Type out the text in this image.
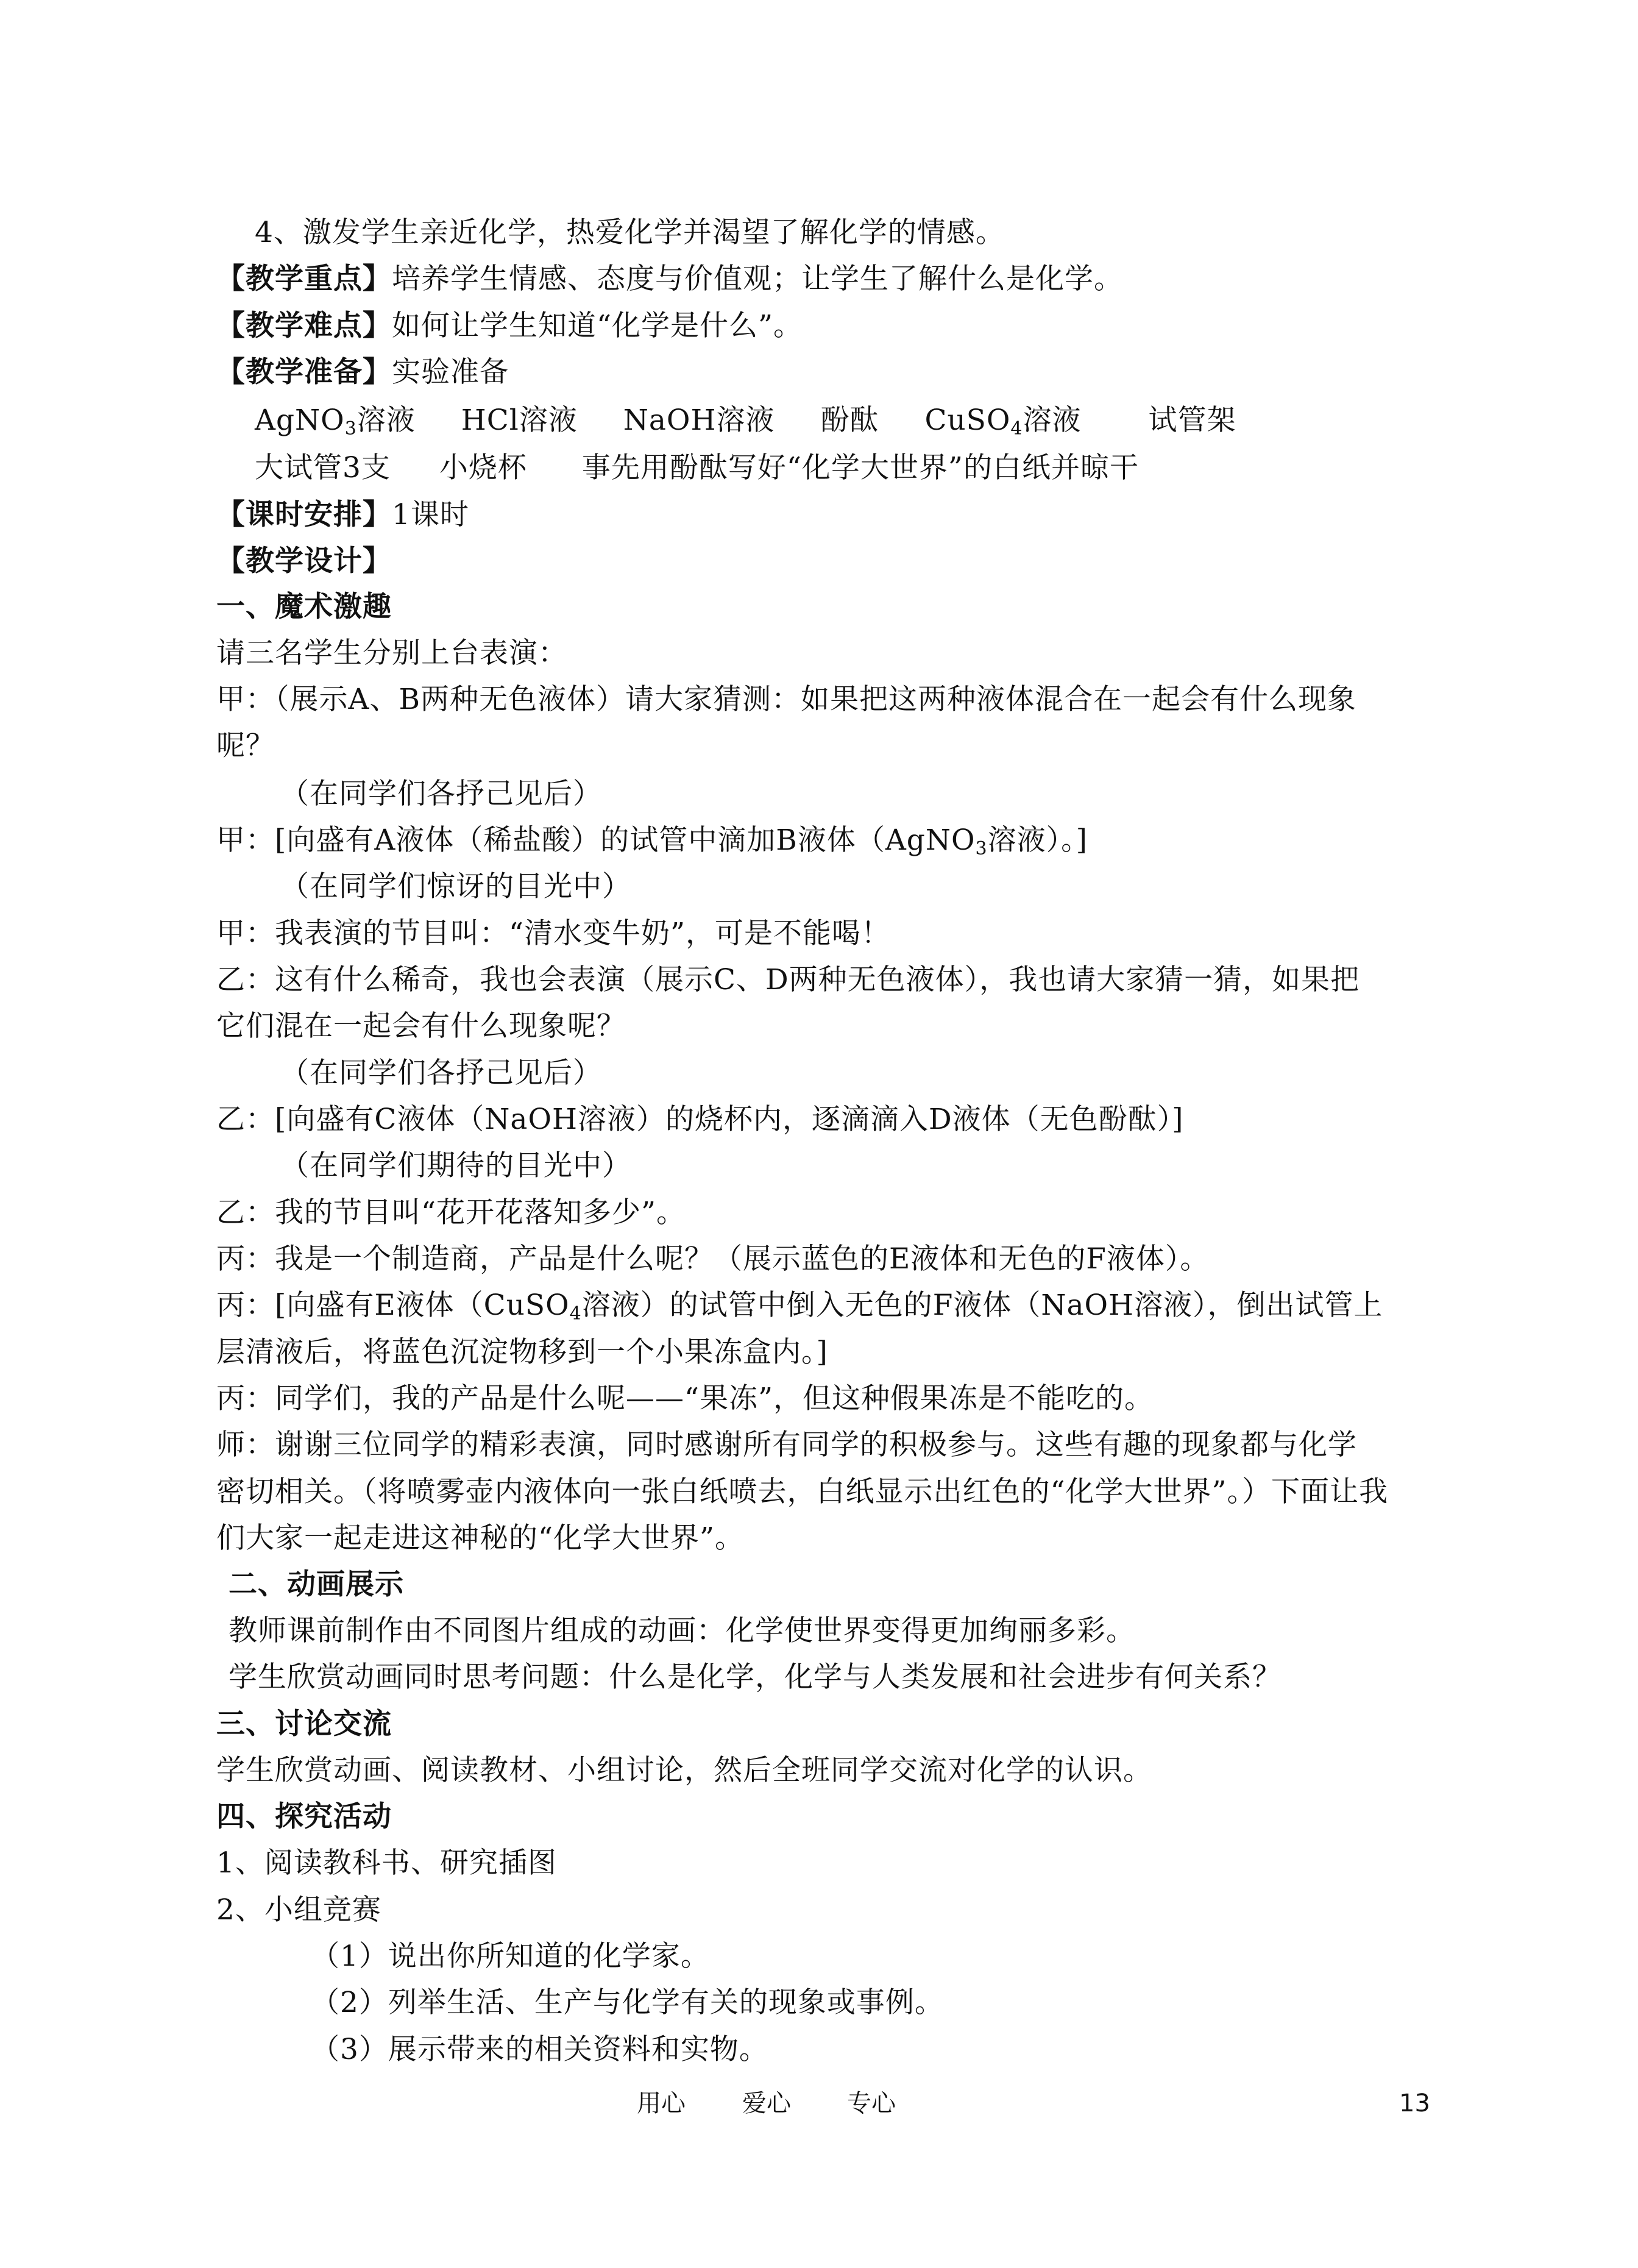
4、激发学生亲近化学，热爱化学并渴望了解化学的情感。
【教学重点】培养学生情感、态度与价值观；让学生了解什么是化学。
【教学难点】如何让学生知道“化学是什么”。
【教学准备】实验准备
AgNO$_3$溶液 HCl溶液 NaOH溶液 酚酞 CuSO$_4$溶液 试管架
大试管3支 小烧杯 事先用酚酞写好“化学大世界”的白纸并晾干
【课时安排】1课时
【教学设计】
一、魔术激趣
请三名学生分别上台表演：
甲：（展示A、B两种无色液体）请大家猜测：如果把这两种液体混合在一起会有什么现象
呢？
（在同学们各抒己见后）
甲：[向盛有A液体（稀盐酸）的试管中滴加B液体（AgNO$_3$溶液）。]
（在同学们惊讶的目光中）
甲：我表演的节目叫：“清水变牛奶”，可是不能喝！
乙：这有什么稀奇，我也会表演（展示C、D两种无色液体），我也请大家猜一猜，如果把
它们混在一起会有什么现象呢？
（在同学们各抒己见后）
乙：[向盛有C液体（NaOH溶液）的烧杯内，逐滴滴入D液体（无色酚酞）]
（在同学们期待的目光中）
乙：我的节目叫“花开花落知多少”。
丙：我是一个制造商，产品是什么呢？（展示蓝色的E液体和无色的F液体）。
丙：[向盛有E液体（CuSO$_4$溶液）的试管中倒入无色的F液体（NaOH溶液），倒出试管上
层清液后，将蓝色沉淀物移到一个小果冻盒内。]
丙：同学们，我的产品是什么呢——“果冻”，但这种假果冻是不能吃的。
师：谢谢三位同学的精彩表演，同时感谢所有同学的积极参与。这些有趣的现象都与化学
密切相关。（将喷雾壶内液体向一张白纸喷去，白纸显示出红色的“化学大世界”。）下面让我
们大家一起走进这神秘的“化学大世界”。
二、动画展示
教师课前制作由不同图片组成的动画：化学使世界变得更加绚丽多彩。
学生欣赏动画同时思考问题：什么是化学，化学与人类发展和社会进步有何关系？
三、讨论交流
学生欣赏动画、阅读教材、小组讨论，然后全班同学交流对化学的认识。
四、探究活动
1、阅读教科书、研究插图
2、小组竞赛
（1）说出你所知道的化学家。
（2）列举生活、生产与化学有关的现象或事例。
（3）展示带来的相关资料和实物。
用心 爱心 专心	13
